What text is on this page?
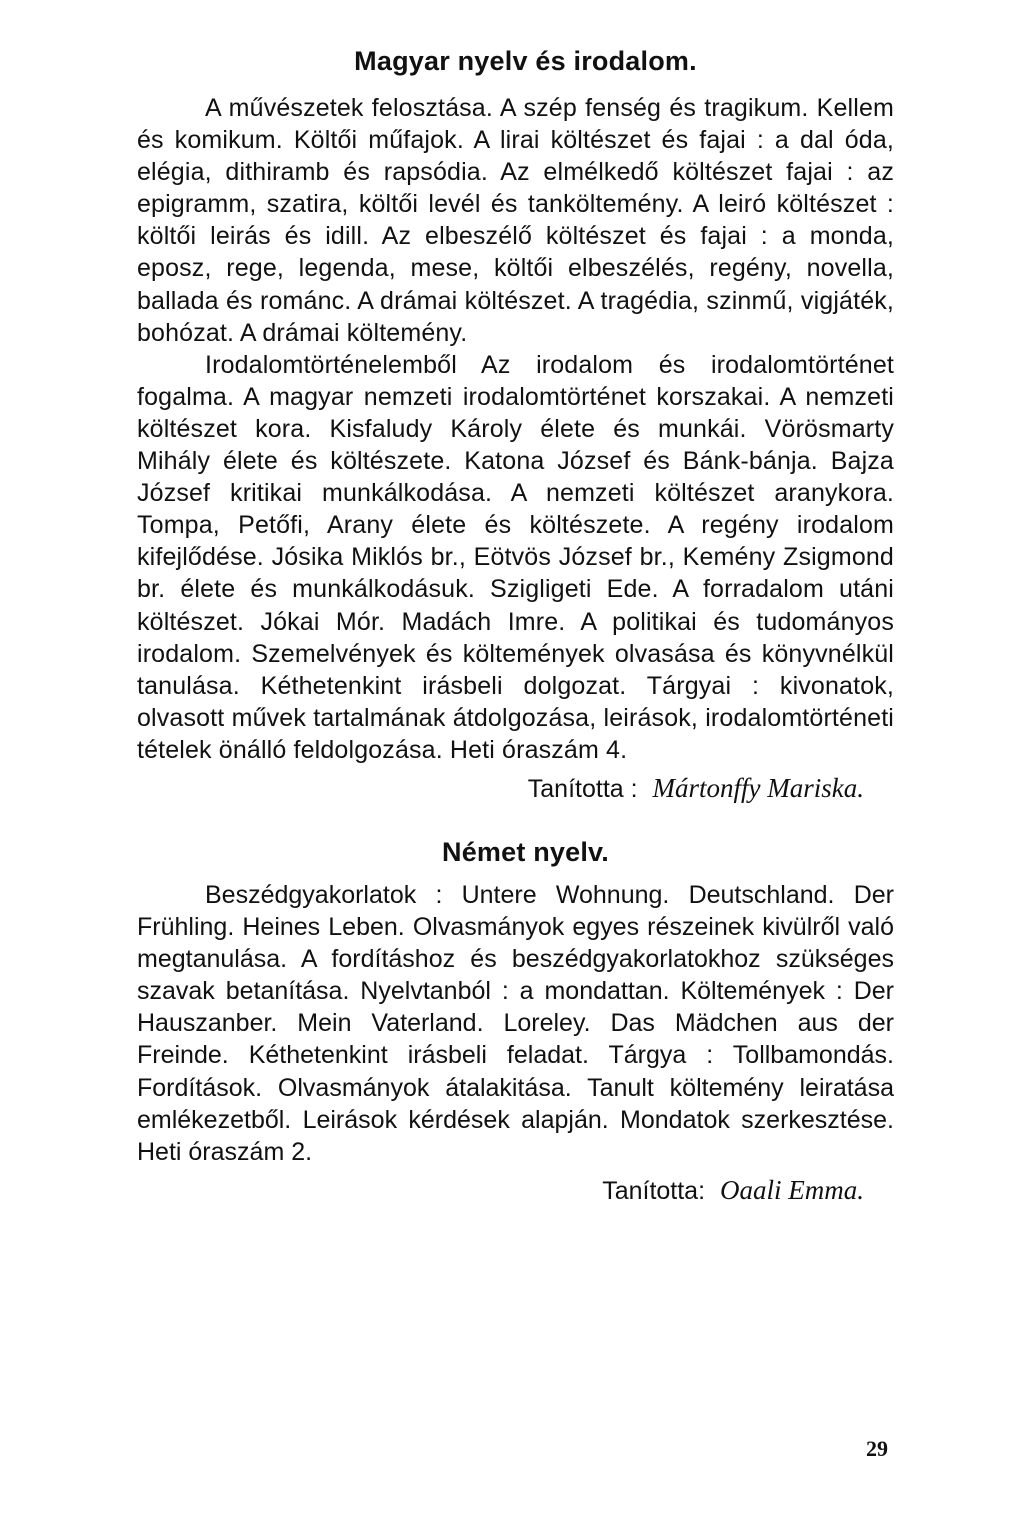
Magyar nyelv és irodalom.

A művészetek felosztása. A szép fenség és tragikum. Kellem és komikum. Költői műfajok. A lirai költészet és fajai : a dal óda, elégia, dithiramb és rapsódia. Az elmélkedő költészet fajai : az epigramm, szatira, költői levél és tanköltemény. A leiró költészet : költői leirás és idill. Az elbeszélő költészet és fajai : a monda, eposz, rege, legenda, mese, költői elbeszélés, regény, novella, ballada és románc. A drámai költészet. A tragédia, szinmű, vigjáték, bohózat. A drámai költemény.

Irodalomtörténelemből Az irodalom és irodalomtörténet fogalma. A magyar nemzeti irodalomtörténet korszakai. A nemzeti költészet kora. Kisfaludy Károly élete és munkái. Vörösmarty Mihály élete és költészete. Katona József és Bánk-bánja. Bajza József kritikai munkálkodása. A nemzeti költészet aranykora. Tompa, Petőfi, Arany élete és költészete. A regény irodalom kifejlődése. Jósika Miklós br., Eötvös József br., Kemény Zsigmond br. élete és munkálkodásuk. Szigligeti Ede. A forradalom utáni költészet. Jókai Mór. Madách Imre. A politikai és tudományos irodalom. Szemelvények és költemények olvasása és könyvnélkül tanulása. Kéthetenkint irásbeli dolgozat. Tárgyai : kivonatok, olvasott művek tartalmának átdolgozása, leirások, irodalomtörténeti tételek önálló feldolgozása. Heti óraszám 4.

Tanította : Mártonffy Mariska.
Német nyelv.

Beszédgyakorlatok : Untere Wohnung. Deutschland. Der Frühling. Heines Leben. Olvasmányok egyes részeinek kivülről való megtanulása. A fordításhoz és beszédgyakorlatokhoz szükséges szavak betanítása. Nyelvtanból : a mondattan. Költemények : Der Hauszanber. Mein Vaterland. Loreley. Das Mädchen aus der Freinde. Kéthetenkint irásbeli feladat. Tárgya : Tollbamondás. Fordítások. Olvasmányok átalakitása. Tanult költemény leiratása emlékezetből. Leirások kérdések alapján. Mondatok szerkesztése. Heti óraszám 2.

Tanította: Oaali Emma.
29
